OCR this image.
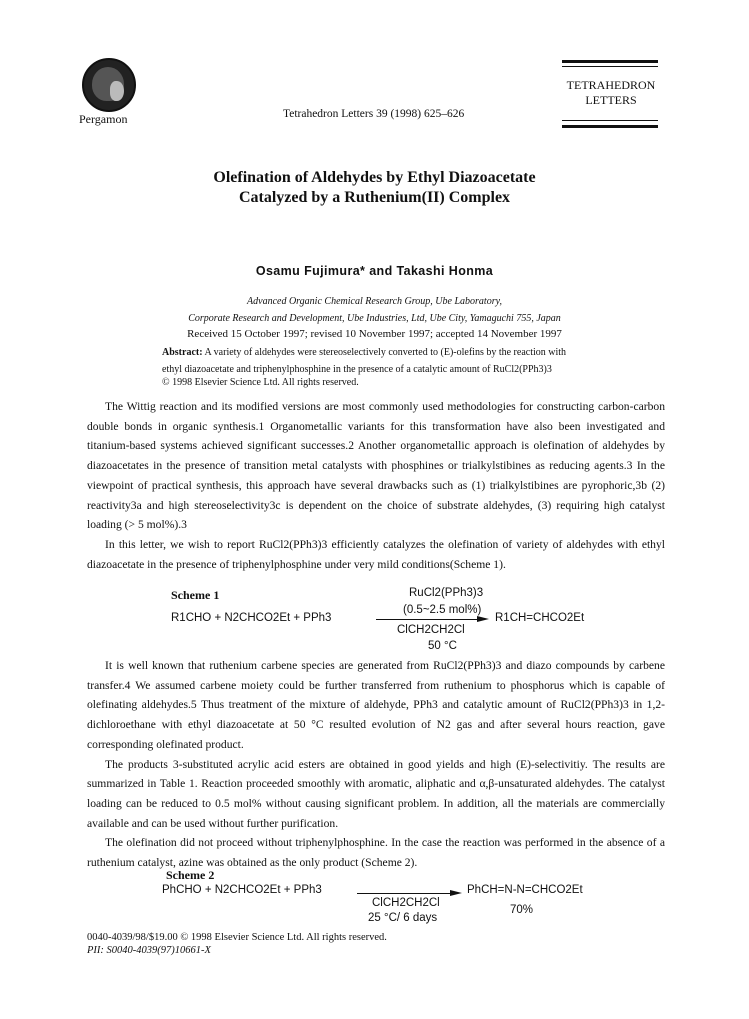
Pergamon	Tetrahedron Letters 39 (1998) 625–626
TETRAHEDRON
LETTERS
Olefination of Aldehydes by Ethyl Diazoacetate
Catalyzed by a Ruthenium(II) Complex
Osamu Fujimura* and Takashi Honma
Advanced Organic Chemical Research Group, Ube Laboratory,
Corporate Research and Development, Ube Industries, Ltd, Ube City, Yamaguchi 755, Japan
Received 15 October 1997; revised 10 November 1997; accepted 14 November 1997
Abstract: A variety of aldehydes were stereoselectively converted to (E)-olefins by the reaction with
ethyl diazoacetate and triphenylphosphine in the presence of a catalytic amount of RuCl2(PPh3)3
© 1998 Elsevier Science Ltd. All rights reserved.

The Wittig reaction and its modified versions are most commonly used methodologies for constructing carbon-carbon double bonds in organic synthesis.1 Organometallic variants for this transformation have also been investigated and titanium-based systems achieved significant successes.2 Another organometallic approach is olefination of aldehydes by diazoacetates in the presence of transition metal catalysts with phosphines or trialkylstibines as reducing agents.3 In the viewpoint of practical synthesis, this approach have several drawbacks such as (1) trialkylstibines are pyrophoric,3b (2) reactivity3a and high stereoselectivity3c is dependent on the choice of substrate aldehydes, (3) requiring high catalyst loading (> 5 mol%).3

In this letter, we wish to report RuCl2(PPh3)3 efficiently catalyzes the olefination of variety of aldehydes with ethyl diazoacetate in the presence of triphenylphosphine under very mild conditions(Scheme 1).

Scheme 1	RuCl2(PPh3)3
(0.5~2.5 mol%)
R1CHO + N2CHCO2Et + PPh3	R1CH=CHCO2Et
ClCH2CH2Cl
50 °C

It is well known that ruthenium carbene species are generated from RuCl2(PPh3)3 and diazo compounds by carbene transfer.4 We assumed carbene moiety could be further transferred from ruthenium to phosphorus which is capable of olefinating aldehydes.5 Thus treatment of the mixture of aldehyde, PPh3 and catalytic amount of RuCl2(PPh3)3 in 1,2-dichloroethane with ethyl diazoacetate at 50 °C resulted evolution of N2 gas and after several hours reaction, gave corresponding olefinated product.

The products 3-substituted acrylic acid esters are obtained in good yields and high (E)-selectivitiy. The results are summarized in Table 1. Reaction proceeded smoothly with aromatic, aliphatic and α,β-unsaturated aldehydes. The catalyst loading can be reduced to 0.5 mol% without causing significant problem. In addition, all the materials are commercially available and can be used without further purification.

The olefination did not proceed without triphenylphosphine. In the case the reaction was performed in the absence of a ruthenium catalyst, azine was obtained as the only product (Scheme 2).

Scheme 2
PhCHO + N2CHCO2Et + PPh3	PhCH=N-N=CHCO2Et
ClCH2CH2Cl
70%
25 °C/ 6 days
0040-4039/98/$19.00 © 1998 Elsevier Science Ltd. All rights reserved.
PII: S0040-4039(97)10661-X
